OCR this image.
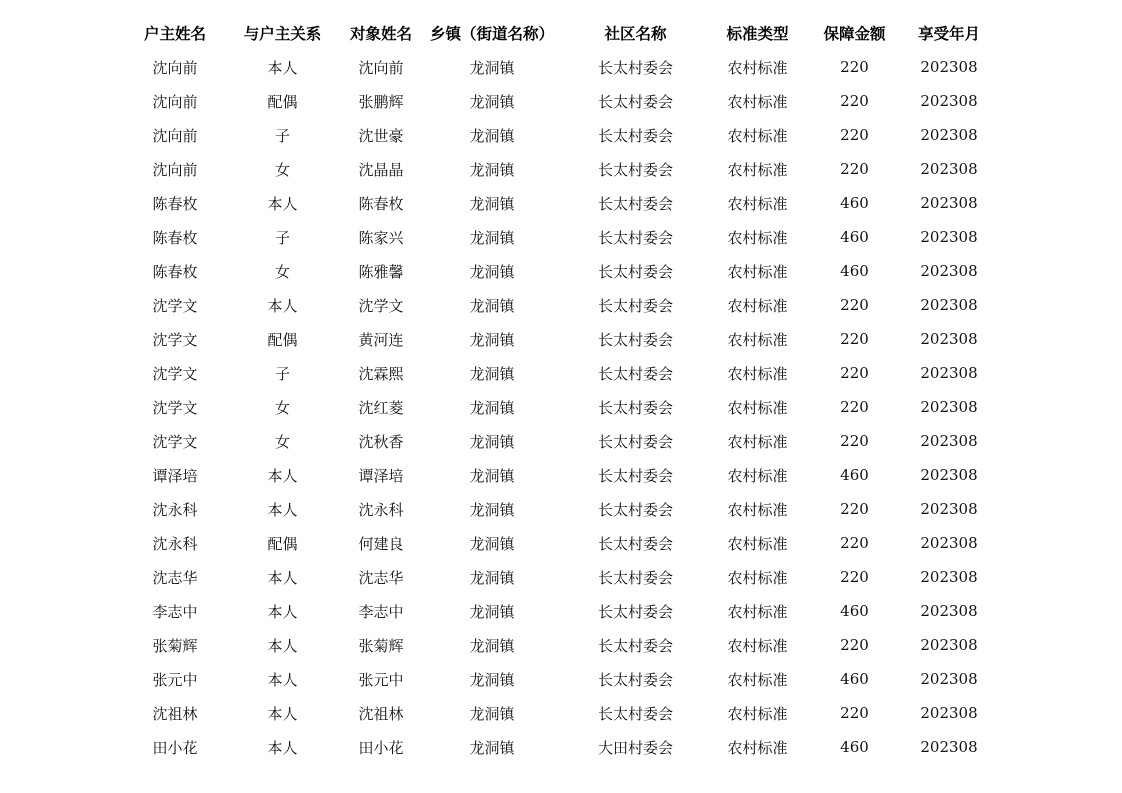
户主姓名	与户主关系	对象姓名	乡镇（街道名称）	社区名称	标准类型	保障金额	享受年月
沈向前	本人	沈向前	龙洞镇	长太村委会	农村标准	220	202308
沈向前	配偶	张鹏辉	龙洞镇	长太村委会	农村标准	220	202308
沈向前	子	沈世豪	龙洞镇	长太村委会	农村标准	220	202308
沈向前	女	沈晶晶	龙洞镇	长太村委会	农村标准	220	202308
陈春枚	本人	陈春枚	龙洞镇	长太村委会	农村标准	460	202308
陈春枚	子	陈家兴	龙洞镇	长太村委会	农村标准	460	202308
陈春枚	女	陈雅馨	龙洞镇	长太村委会	农村标准	460	202308
沈学文	本人	沈学文	龙洞镇	长太村委会	农村标准	220	202308
沈学文	配偶	黄河连	龙洞镇	长太村委会	农村标准	220	202308
沈学文	子	沈霖熙	龙洞镇	长太村委会	农村标准	220	202308
沈学文	女	沈红菱	龙洞镇	长太村委会	农村标准	220	202308
沈学文	女	沈秋香	龙洞镇	长太村委会	农村标准	220	202308
谭泽培	本人	谭泽培	龙洞镇	长太村委会	农村标准	460	202308
沈永科	本人	沈永科	龙洞镇	长太村委会	农村标准	220	202308
沈永科	配偶	何建良	龙洞镇	长太村委会	农村标准	220	202308
沈志华	本人	沈志华	龙洞镇	长太村委会	农村标准	220	202308
李志中	本人	李志中	龙洞镇	长太村委会	农村标准	460	202308
张菊辉	本人	张菊辉	龙洞镇	长太村委会	农村标准	220	202308
张元中	本人	张元中	龙洞镇	长太村委会	农村标准	460	202308
沈祖林	本人	沈祖林	龙洞镇	长太村委会	农村标准	220	202308
田小花	本人	田小花	龙洞镇	大田村委会	农村标准	460	202308
